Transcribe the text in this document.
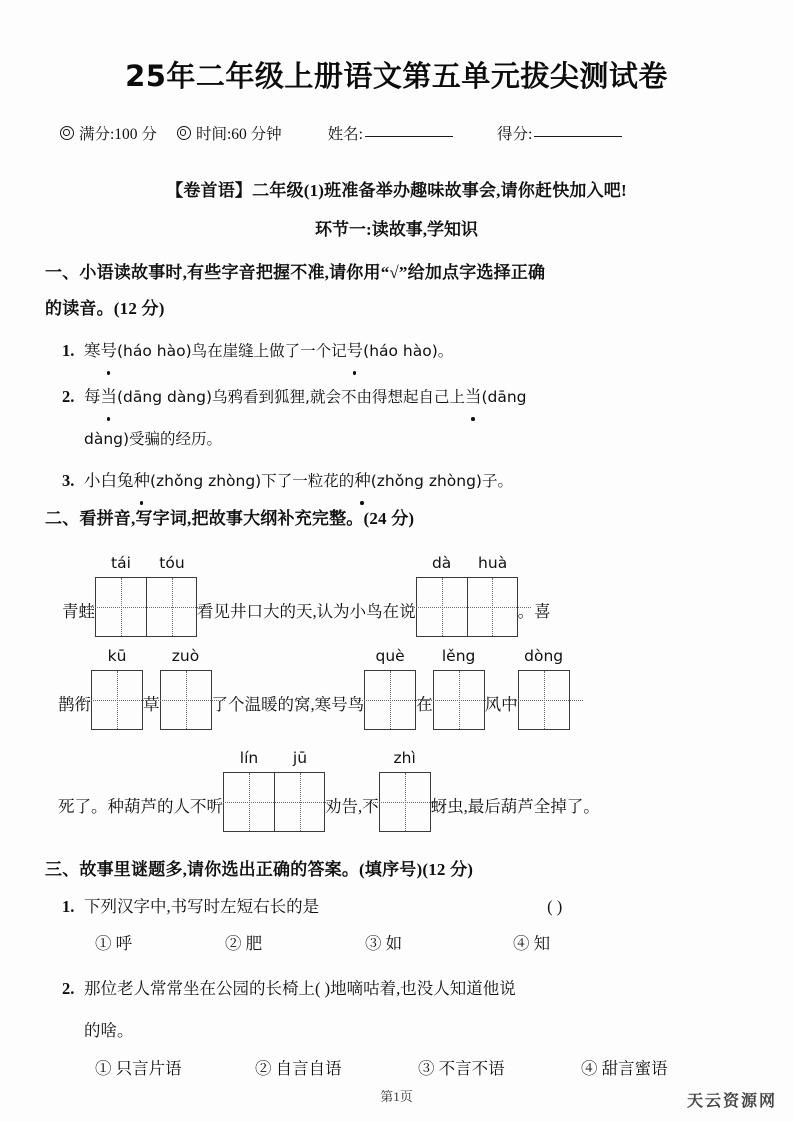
25年二年级上册语文第五单元拔尖测试卷
满分:100 分	时间:60 分钟	姓名:	得分:
【卷首语】二年级(1)班准备举办趣味故事会,请你赶快加入吧!
环节一:读故事,学知识
一、小语读故事时,有些字音把握不准,请你用“√”给加点字选择正确
的读音。(12 分)
1. 寒号(háo hào)鸟在崖缝上做了一个记号(háo hào)。
2. 每当(dāng dàng)乌鸦看到狐狸,就会不由得想起自己上当(dāng
dàng)受骗的经历。
3. 小白兔种(zhǒng zhòng)下了一粒花的种(zhǒng zhòng)子。
二、看拼音,写字词,把故事大纲补充完整。(24 分)
青蛙
tái	tóu
看见井口大的天,认为小鸟在说
dà	huà
。喜
鹊衔
kū
草
zuò
了个温暖的窝,寒号鸟
què
在
lěng
风中
dòng
死了。种葫芦的人不听
lín	jū
劝告,不
zhì
蚜虫,最后葫芦全掉了。
三、故事里谜题多,请你选出正确的答案。(填序号)(12 分)
1. 下列汉字中,书写时左短右长的是	( )
① 呼	② 肥	③ 如	④ 知
2. 那位老人常常坐在公园的长椅上( )地嘀咕着,也没人知道他说
的啥。
① 只言片语	② 自言自语	③ 不言不语	④ 甜言蜜语
第1页	天云资源网
